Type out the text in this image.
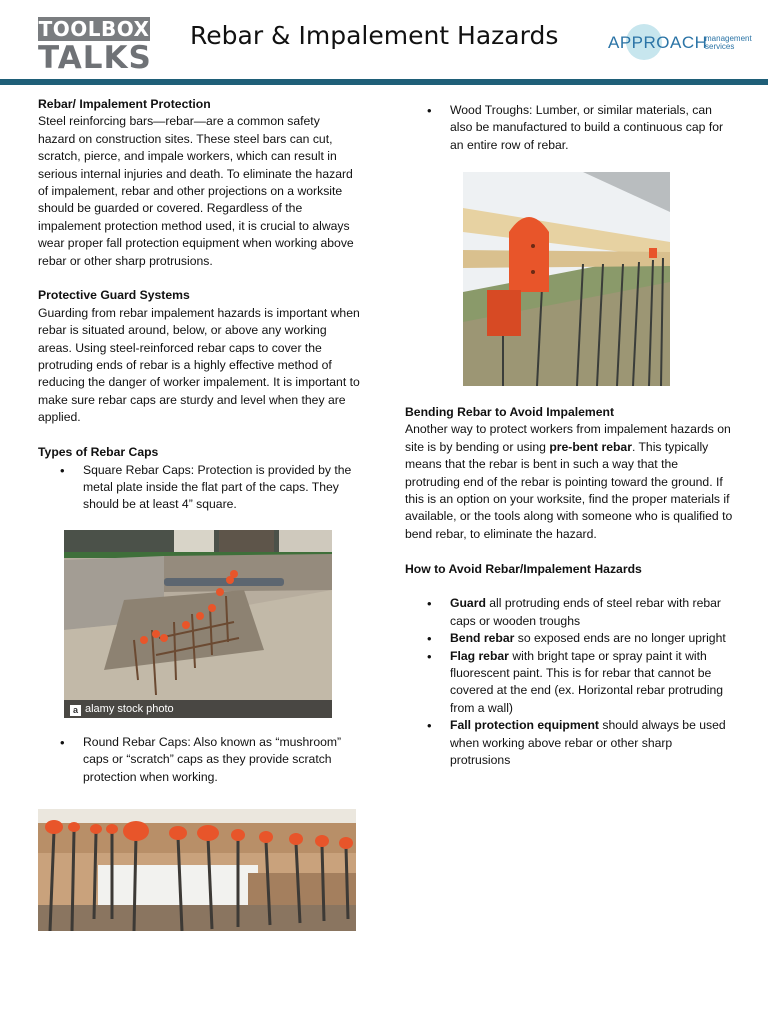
TOOLBOX
TALKS
Rebar & Impalement Hazards	APPROACH
management services

Rebar/ Impalement Protection

Steel reinforcing bars—rebar—are a common safety hazard on construction sites. These steel bars can cut, scratch, pierce, and impale workers, which can result in serious internal injuries and death. To eliminate the hazard of impalement, rebar and other projections on a worksite should be guarded or covered. Regardless of the impalement protection method used, it is crucial to always wear proper fall protection equipment when working above rebar or other sharp protrusions.

Protective Guard Systems

Guarding from rebar impalement hazards is important when rebar is situated around, below, or above any working areas. Using steel-reinforced rebar caps to cover the protruding ends of rebar is a highly effective method of reducing the danger of worker impalement. It is important to make sure rebar caps are sturdy and level when they are applied.

Types of Rebar Caps

• Square Rebar Caps: Protection is provided by the metal plate inside the flat part of the caps. They should be at least 4” square.
a alamy stock photo
• Round Rebar Caps: Also known as “mushroom” caps or “scratch” caps as they provide scratch protection when working.
• Wood Troughs: Lumber, or similar materials, can also be manufactured to build a continuous cap for an entire row of rebar.

Bending Rebar to Avoid Impalement

Another way to protect workers from impalement hazards on site is by bending or using pre-bent rebar. This typically means that the rebar is bent in such a way that the protruding end of the rebar is pointing toward the ground. If this is an option on your worksite, find the proper materials if available, or the tools along with someone who is qualified to bend rebar, to eliminate the hazard.

How to Avoid Rebar/Impalement Hazards

• Guard all protruding ends of steel rebar with rebar caps or wooden troughs
• Bend rebar so exposed ends are no longer upright
• Flag rebar with bright tape or spray paint it with fluorescent paint. This is for rebar that cannot be covered at the end (ex. Horizontal rebar protruding from a wall)
• Fall protection equipment should always be used when working above rebar or other sharp protrusions
